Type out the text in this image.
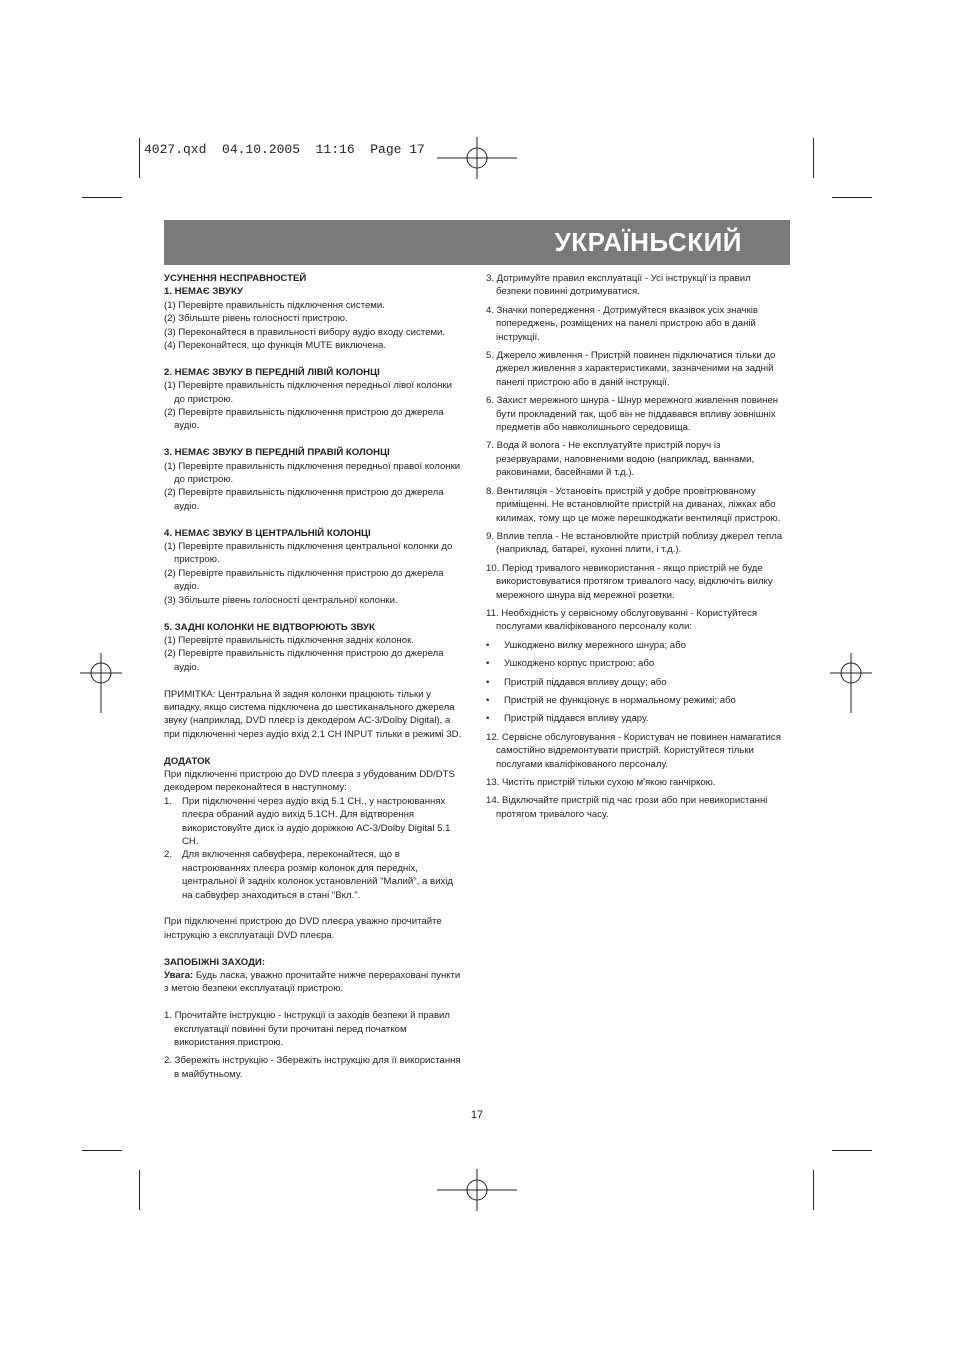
4027.qxd  04.10.2005  11:16  Page 17
УКРАЇНЬСКИЙ
УСУНЕННЯ НЕСПРАВНОСТЕЙ
1. НЕМАЄ ЗВУКУ
(1) Перевірте правильність підключення системи.
(2) Збільште рівень голосності пристрою.
(3) Переконайтеся в правильності вибору аудіо входу системи.
(4) Переконайтеся, що функція MUTE виключена.
2. НЕМАЄ ЗВУКУ В ПЕРЕДНІЙ ЛІВІЙ КОЛОНЦІ
(1) Перевірте правильність підключення передньої лівої колонки до пристрою.
(2) Перевірте правильність підключення пристрою до джерела аудіо.
3. НЕМАЄ ЗВУКУ В ПЕРЕДНІЙ ПРАВІЙ КОЛОНЦІ
(1) Перевірте правильність підключення передньої правої колонки до пристрою.
(2) Перевірте правильність підключення пристрою до джерела аудіо.
4. НЕМАЄ ЗВУКУ В ЦЕНТРАЛЬНІЙ КОЛОНЦІ
(1) Перевірте правильність підключення центральної колонки до пристрою.
(2) Перевірте правильність підключення пристрою до джерела аудіо.
(3) Збільште рівень голосності центральної колонки.
5. ЗАДНІ КОЛОНКИ НЕ ВІДТВОРЮЮТЬ ЗВУК
(1) Перевірте правильність підключення задніх колонок.
(2) Перевірте правильність підключення пристрою до джерела аудіо.
ПРИМІТКА: Центральна й задня колонки працюють тільки у випадку, якщо система підключена до шестиканального джерела звуку (наприклад, DVD плеєр із декодером AC-3/Dolby Digital), а при підключенні через аудіо вхід 2.1 CH INPUT тільки в режимі 3D.
ДОДАТОК
При підключенні пристрою до DVD плеєра з убудованим DD/DTS декодером переконайтеся в наступному:
1.	При підключенні через аудіо вхід 5.1 CH., у настроюваннях плеєра обраний аудіо вихід 5.1CH. Для відтворення використовуйте диск із аудіо доріжкою AC-3/Dolby Digital 5.1 CH.
2.	Для включення сабвуфера, переконайтеся, що в настроюваннях плеєра розмір колонок для передніх, центральної й задніх колонок установлений "Малий", а вихід на сабвуфер знаходиться в стані "Вкл.".
При підключенні пристрою до DVD плеєра уважно прочитайте інструкцію з експлуатації DVD плеєра.
ЗАПОБІЖНІ ЗАХОДИ:
Увага: Будь ласка, уважно прочитайте нижче перераховані пункти з метою безпеки експлуатації пристрою.
1. Прочитайте інструкцію - Інструкції із заходів безпеки й правил експлуатації повинні бути прочитані перед початком використання пристрою.
2. Збережіть інструкцію - Збережіть інструкцію для її використання в майбутньому.
3. Дотримуйте правил експлуатації - Усі інструкції із правил безпеки повинні дотримуватися.
4. Значки попередження - Дотримуйтеся вказівок усіх значків попереджень, розміщених на панелі пристрою або в даній інструкції.
5. Джерело живлення - Пристрій повинен підключатися тільки до джерел живлення з характеристиками, зазначеними на задній панелі пристрою або в даній інструкції.
6. Захист мережного шнура - Шнур мережного живлення повинен бути прокладений так, щоб він не піддавався впливу зовнішніх предметів або навколишнього середовища.
7. Вода й волога - Не експлуатуйте пристрій поруч із резервуарами, наповненими водою (наприклад, ваннами, раковинами, басейнами й т.д.).
8. Вентиляція - Установіть пристрій у добре провітрюваному приміщенні. Не встановлюйте пристрій на диванах, ліжках або килимах, тому що це може перешкоджати вентиляції пристрою.
9. Вплив тепла - Не встановлюйте пристрій поблизу джерел тепла (наприклад, батареї, кухонні плити, і т.д.).
10. Період тривалого невикористання - якщо пристрій не буде використовуватися протягом тривалого часу, відключіть вилку мережного шнура від мережної розетки.
11. Необхідність у сервісному обслуговуванні - Користуйтеся послугами кваліфікованого персоналу коли:
•	Ушкоджено вилку мережного шнура; або
•	Ушкоджено корпус пристрою; або
•	Пристрій піддався впливу дощу; або
•	Пристрій не функціонує в нормальному режимі; або
•	Пристрій піддався впливу удару.
12. Сервісне обслуговування - Користувач не повинен намагатися самостійно відремонтувати пристрій. Користуйтеся тільки послугами кваліфікованого персоналу.
13. Чистіть пристрій тільки сухою м'якою ганчіркою.
14. Відключайте пристрій під час грози або при невикористанні протягом тривалого часу.
17
